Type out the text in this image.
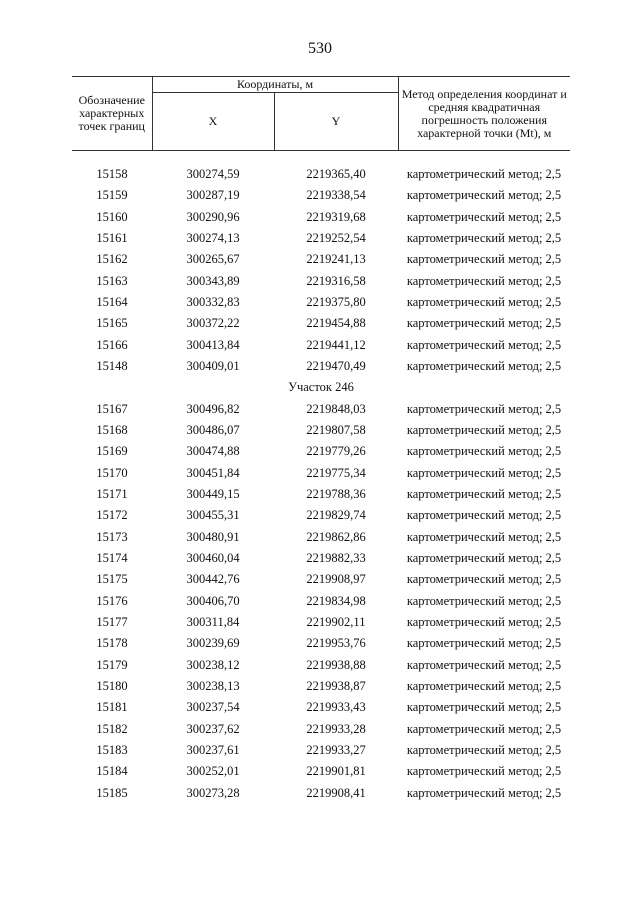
530
Обозначение характерных точек границ	Координаты, м		Метод определения координат и средняя квадратичная погрешность положения характерной точки (Mt), м
	X	Y	
15158	300274,59	2219365,40	картометрический метод; 2,5
15159	300287,19	2219338,54	картометрический метод; 2,5
15160	300290,96	2219319,68	картометрический метод; 2,5
15161	300274,13	2219252,54	картометрический метод; 2,5
15162	300265,67	2219241,13	картометрический метод; 2,5
15163	300343,89	2219316,58	картометрический метод; 2,5
15164	300332,83	2219375,80	картометрический метод; 2,5
15165	300372,22	2219454,88	картометрический метод; 2,5
15166	300413,84	2219441,12	картометрический метод; 2,5
15148	300409,01	2219470,49	картометрический метод; 2,5
Участок 246
15167	300496,82	2219848,03	картометрический метод; 2,5
15168	300486,07	2219807,58	картометрический метод; 2,5
15169	300474,88	2219779,26	картометрический метод; 2,5
15170	300451,84	2219775,34	картометрический метод; 2,5
15171	300449,15	2219788,36	картометрический метод; 2,5
15172	300455,31	2219829,74	картометрический метод; 2,5
15173	300480,91	2219862,86	картометрический метод; 2,5
15174	300460,04	2219882,33	картометрический метод; 2,5
15175	300442,76	2219908,97	картометрический метод; 2,5
15176	300406,70	2219834,98	картометрический метод; 2,5
15177	300311,84	2219902,11	картометрический метод; 2,5
15178	300239,69	2219953,76	картометрический метод; 2,5
15179	300238,12	2219938,88	картометрический метод; 2,5
15180	300238,13	2219938,87	картометрический метод; 2,5
15181	300237,54	2219933,43	картометрический метод; 2,5
15182	300237,62	2219933,28	картометрический метод; 2,5
15183	300237,61	2219933,27	картометрический метод; 2,5
15184	300252,01	2219901,81	картометрический метод; 2,5
15185	300273,28	2219908,41	картометрический метод; 2,5
